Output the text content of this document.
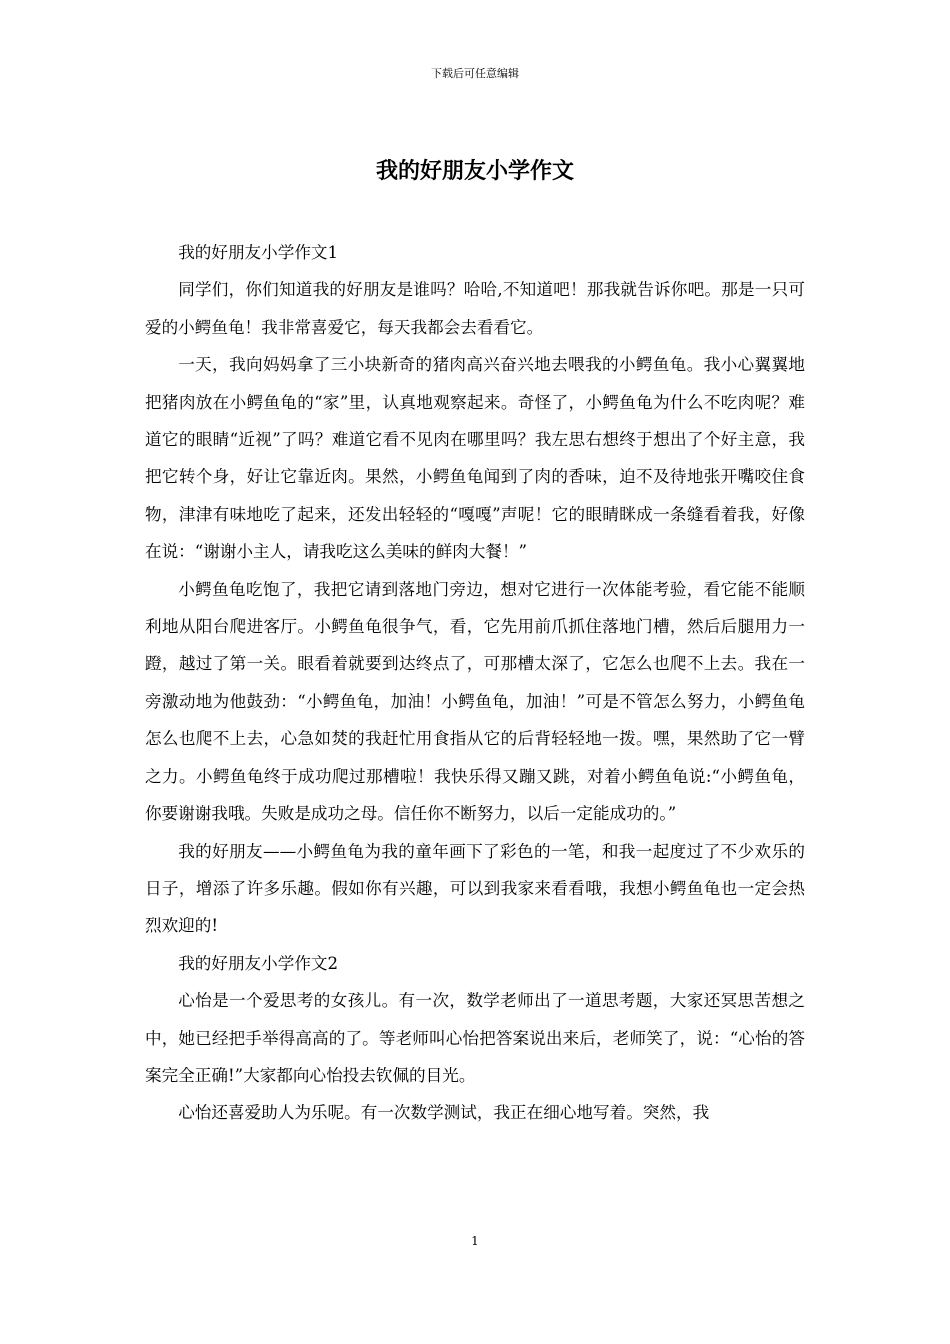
下载后可任意编辑
我的好朋友小学作文

我的好朋友小学作文1

同学们，你们知道我的好朋友是谁吗？哈哈,不知道吧！那我就告诉你吧。那是一只可爱的小鳄鱼龟！我非常喜爱它，每天我都会去看看它。

一天，我向妈妈拿了三小块新奇的猪肉高兴奋兴地去喂我的小鳄鱼龟。我小心翼翼地把猪肉放在小鳄鱼龟的“家”里，认真地观察起来。奇怪了，小鳄鱼龟为什么不吃肉呢？难道它的眼睛“近视”了吗？难道它看不见肉在哪里吗？我左思右想终于想出了个好主意，我把它转个身，好让它靠近肉。果然，小鳄鱼龟闻到了肉的香味，迫不及待地张开嘴咬住食物，津津有味地吃了起来，还发出轻轻的“嘎嘎”声呢！它的眼睛眯成一条缝看着我，好像在说：“谢谢小主人，请我吃这么美味的鲜肉大餐！”

小鳄鱼龟吃饱了，我把它请到落地门旁边，想对它进行一次体能考验，看它能不能顺利地从阳台爬进客厅。小鳄鱼龟很争气，看，它先用前爪抓住落地门槽，然后后腿用力一蹬，越过了第一关。眼看着就要到达终点了，可那槽太深了，它怎么也爬不上去。我在一旁激动地为他鼓劲：“小鳄鱼龟，加油！小鳄鱼龟，加油！”可是不管怎么努力，小鳄鱼龟怎么也爬不上去，心急如焚的我赶忙用食指从它的后背轻轻地一拨。嘿，果然助了它一臂之力。小鳄鱼龟终于成功爬过那槽啦！我快乐得又蹦又跳，对着小鳄鱼龟说:“小鳄鱼龟，你要谢谢我哦。失败是成功之母。信任你不断努力，以后一定能成功的。”

我的好朋友——小鳄鱼龟为我的童年画下了彩色的一笔，和我一起度过了不少欢乐的日子，增添了许多乐趣。假如你有兴趣，可以到我家来看看哦，我想小鳄鱼龟也一定会热烈欢迎的!

我的好朋友小学作文2

心怡是一个爱思考的女孩儿。有一次，数学老师出了一道思考题，大家还冥思苦想之中，她已经把手举得高高的了。等老师叫心怡把答案说出来后，老师笑了，说：“心怡的答案完全正确!”大家都向心怡投去钦佩的目光。

心怡还喜爱助人为乐呢。有一次数学测试，我正在细心地写着。突然，我

1
